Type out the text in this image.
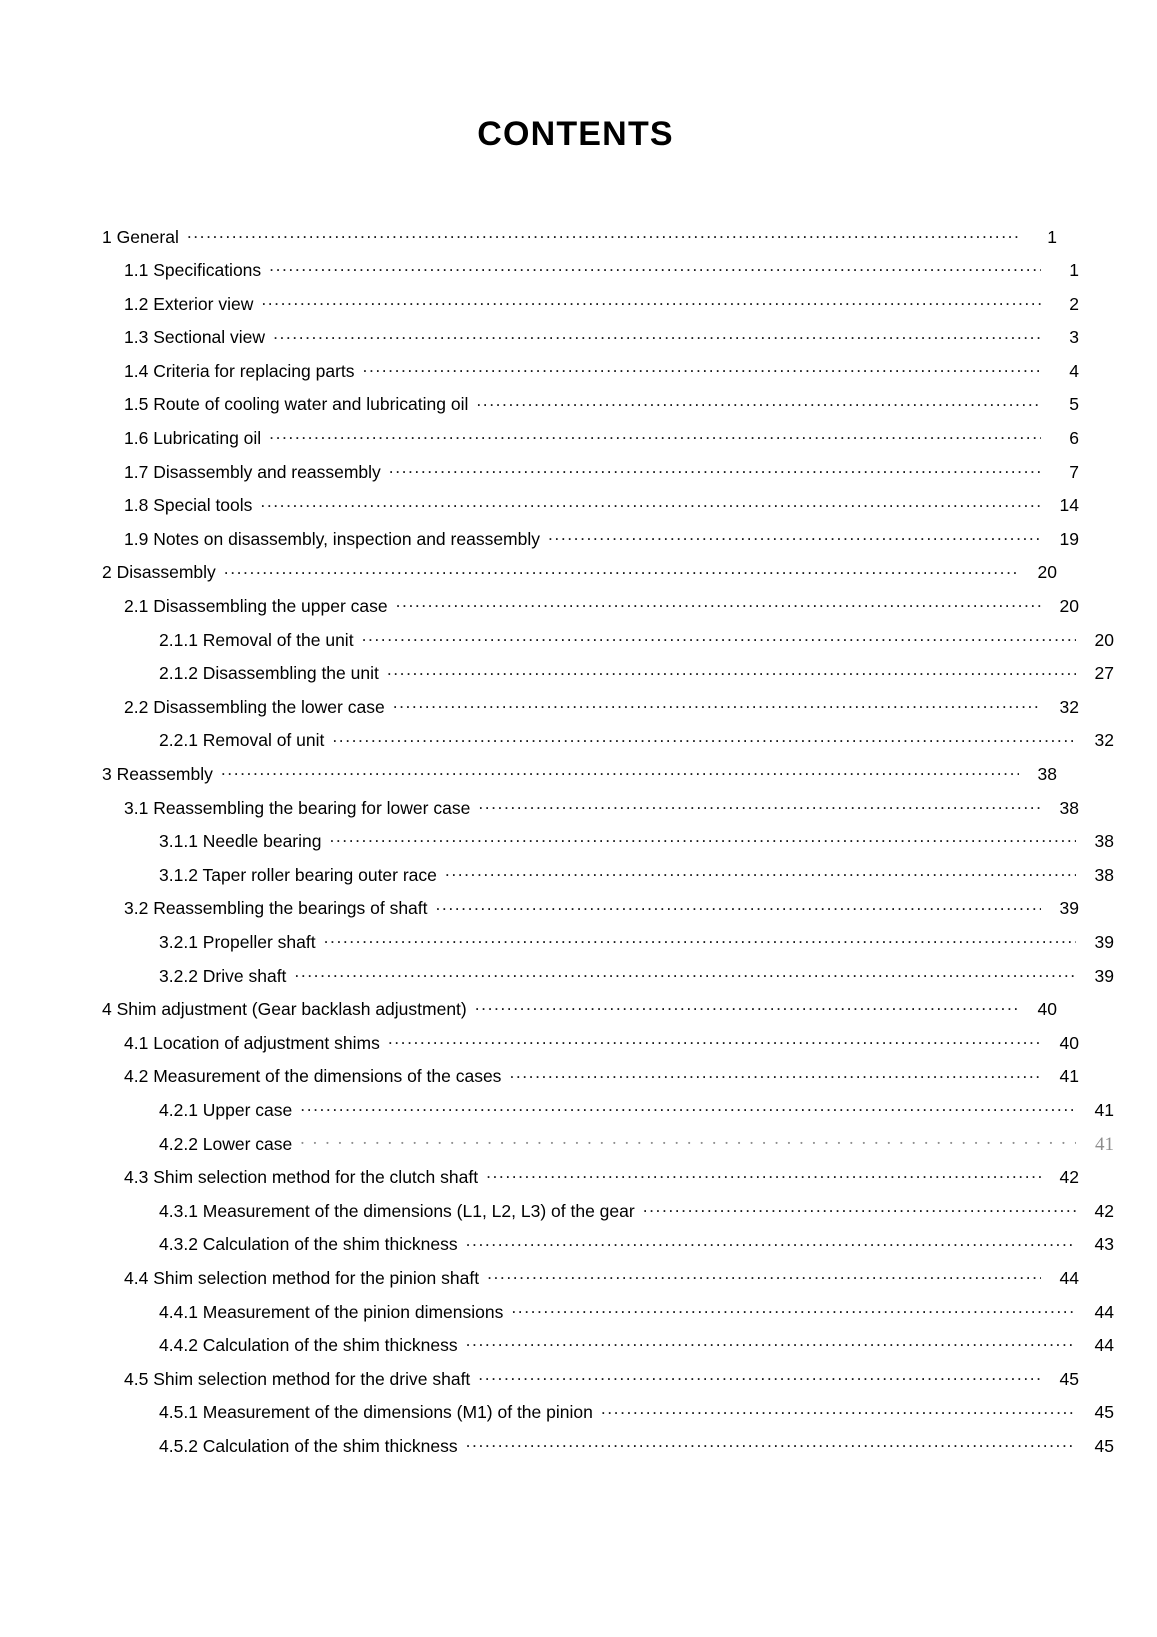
CONTENTS
1 General .....	1
1.1 Specifications .....	1
1.2 Exterior view .....	2
1.3 Sectional view .....	3
1.4 Criteria for replacing parts .....	4
1.5 Route of cooling water and lubricating oil .....	5
1.6 Lubricating oil .....	6
1.7 Disassembly and reassembly .....	7
1.8 Special tools .....	14
1.9 Notes on disassembly, inspection and reassembly .....	19
2 Disassembly .....	20
2.1 Disassembling the upper case .....	20
2.1.1 Removal of the unit .....	20
2.1.2 Disassembling the unit .....	27
2.2 Disassembling the lower case .....	32
2.2.1 Removal of unit .....	32
3 Reassembly .....	38
3.1 Reassembling the bearing for lower case .....	38
3.1.1 Needle bearing .....	38
3.1.2 Taper roller bearing outer race .....	38
3.2 Reassembling the bearings of shaft .....	39
3.2.1 Propeller shaft .....	39
3.2.2 Drive shaft .....	39
4 Shim adjustment (Gear backlash adjustment) .....	40
4.1 Location of adjustment shims .....	40
4.2 Measurement of the dimensions of the cases .....	41
4.2.1 Upper case .....	41
4.2.2 Lower case .....	41
4.3 Shim selection method for the clutch shaft .....	42
4.3.1 Measurement of the dimensions (L1, L2, L3) of the gear .....	42
4.3.2 Calculation of the shim thickness .....	43
4.4 Shim selection method for the pinion shaft .....	44
4.4.1 Measurement of the pinion dimensions .....	44
4.4.2 Calculation of the shim thickness .....	44
4.5 Shim selection method for the drive shaft .....	45
4.5.1 Measurement of the dimensions (M1) of the pinion .....	45
4.5.2 Calculation of the shim thickness .....	45
